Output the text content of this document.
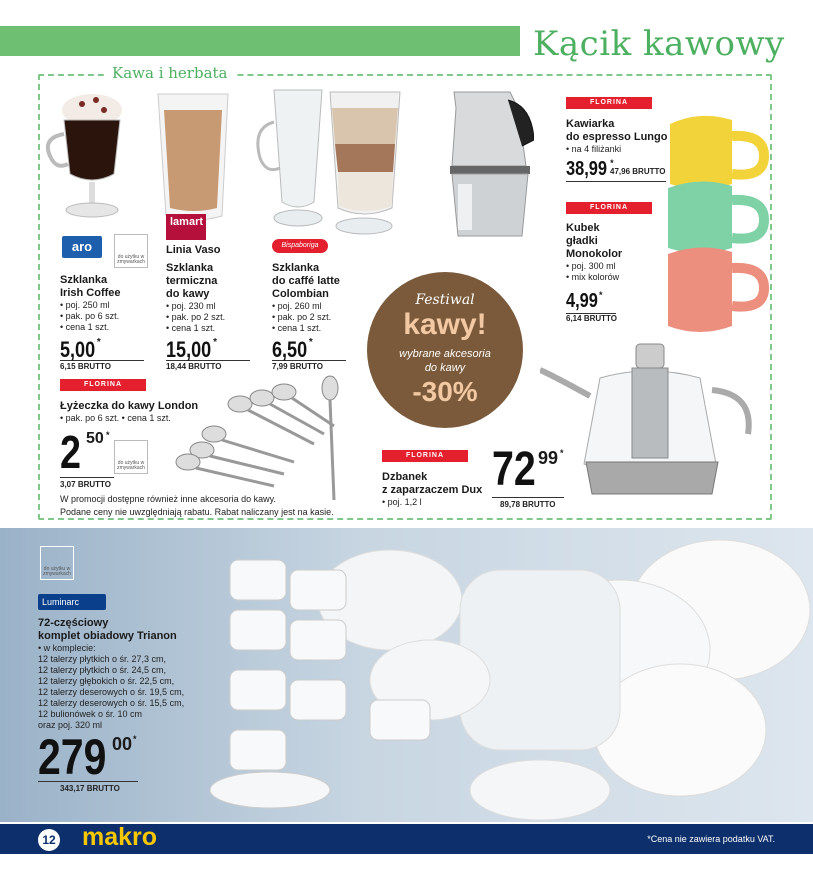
Kącik kawowy
Kawa i herbata
aro
do użytku w zmywarkach
Szklanka
Irish Coffee
• poj. 250 ml
• pak. po 6 szt.
• cena 1 szt.
5,00 *
6,15 BRUTTO
lamart
Linia Vaso
Szklanka
termiczna
do kawy
• poj. 230 ml
• pak. po 2 szt.
• cena 1 szt.
15,00 *
18,44 BRUTTO
Bispaboriga
Szklanka
do caffé latte
Colombian
• poj. 260 ml
• pak. po 2 szt.
• cena 1 szt.
6,50 *
7,99 BRUTTO
FLORINA
Kawiarka
do espresso Lungo
• na 4 filiżanki
38,99 *
47,96 BRUTTO
FLORINA
Kubek
gładki
Monokolor
• poj. 300 ml
• mix kolorów
4,99*
6,14 BRUTTO
Festiwal
kawy!
wybrane akcesoria
do kawy
-30%
FLORINA
Łyżeczka do kawy London
• pak. po 6 szt. • cena 1 szt.
2 50 *
do użytku w zmywarkach
3,07 BRUTTO
W promocji dostępne również inne akcesoria do kawy.
Podane ceny nie uwzględniają rabatu. Rabat naliczany jest na kasie.
FLORINA
Dzbanek
z zaparzaczem Dux
• poj. 1,2 l
72 99 *
89,78 BRUTTO
do użytku w zmywarkach
Luminarc
72-częściowy
komplet obiadowy Trianon
• w komplecie:
12 talerzy płytkich o śr. 27,3 cm,
12 talerzy płytkich o śr. 24,5 cm,
12 talerzy głębokich o śr. 22,5 cm,
12 talerzy deserowych o śr. 19,5 cm,
12 talerzy deserowych o śr. 15,5 cm,
12 bulionówek o śr. 10 cm
oraz poj. 320 ml
279 00 *
343,17 BRUTTO
12 makro	*Cena nie zawiera podatku VAT.
